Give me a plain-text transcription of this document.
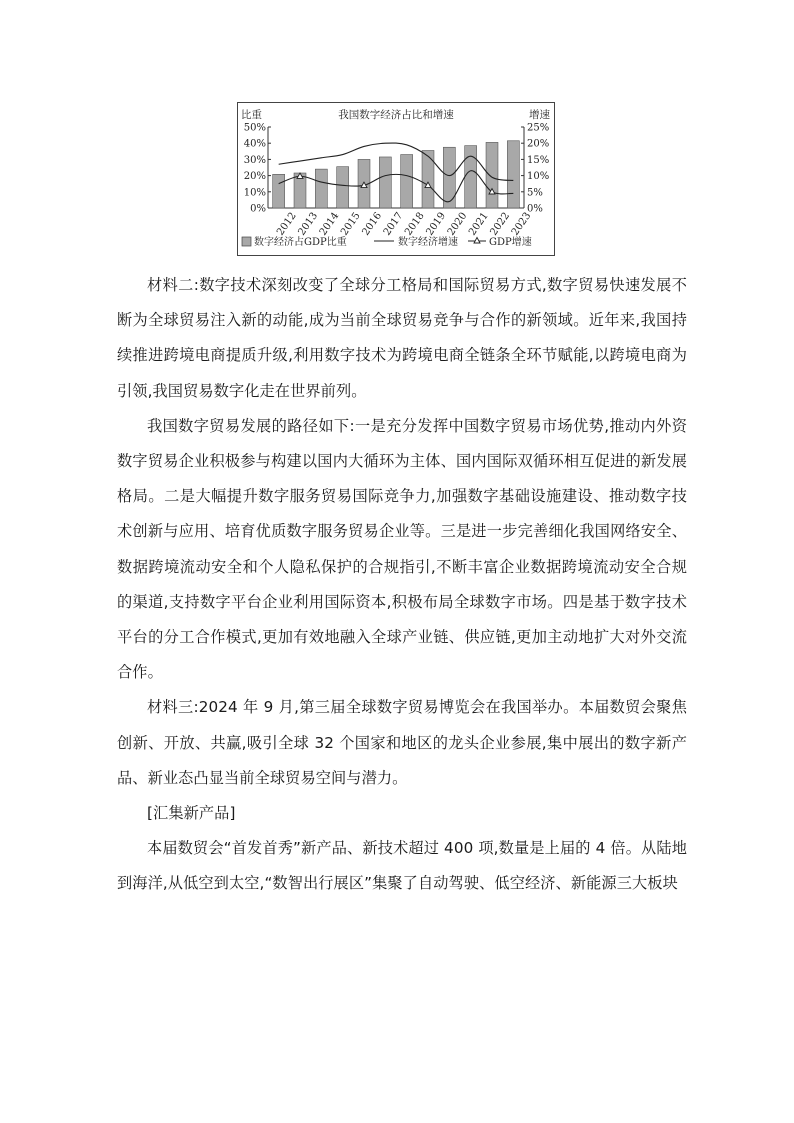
我国数字经济占比和增速
比重	增速
50%
40%
30%
20%
10%
0%
25%
20%
15%
10%
5%
0%
2012
2013
2014
2015
2016
2017
2018
2019
2020
2021
2022
2023
数字经济占GDP比重	数字经济增速	GDP增速

材料二:数字技术深刻改变了全球分工格局和国际贸易方式,数字贸易快速发展不断为全球贸易注入新的动能,成为当前全球贸易竞争与合作的新领域。近年来,我国持续推进跨境电商提质升级,利用数字技术为跨境电商全链条全环节赋能,以跨境电商为引领,我国贸易数字化走在世界前列。

我国数字贸易发展的路径如下:一是充分发挥中国数字贸易市场优势,推动内外资数字贸易企业积极参与构建以国内大循环为主体、国内国际双循环相互促进的新发展格局。二是大幅提升数字服务贸易国际竞争力,加强数字基础设施建设、推动数字技术创新与应用、培育优质数字服务贸易企业等。三是进一步完善细化我国网络安全、数据跨境流动安全和个人隐私保护的合规指引,不断丰富企业数据跨境流动安全合规的渠道,支持数字平台企业利用国际资本,积极布局全球数字市场。四是基于数字技术平台的分工合作模式,更加有效地融入全球产业链、供应链,更加主动地扩大对外交流合作。

材料三:2024 年 9 月,第三届全球数字贸易博览会在我国举办。本届数贸会聚焦创新、开放、共赢,吸引全球 32 个国家和地区的龙头企业参展,集中展出的数字新产品、新业态凸显当前全球贸易空间与潜力。

[汇集新产品]

本届数贸会“首发首秀”新产品、新技术超过 400 项,数量是上届的 4 倍。从陆地到海洋,从低空到太空,“数智出行展区”集聚了自动驾驶、低空经济、新能源三大板块
